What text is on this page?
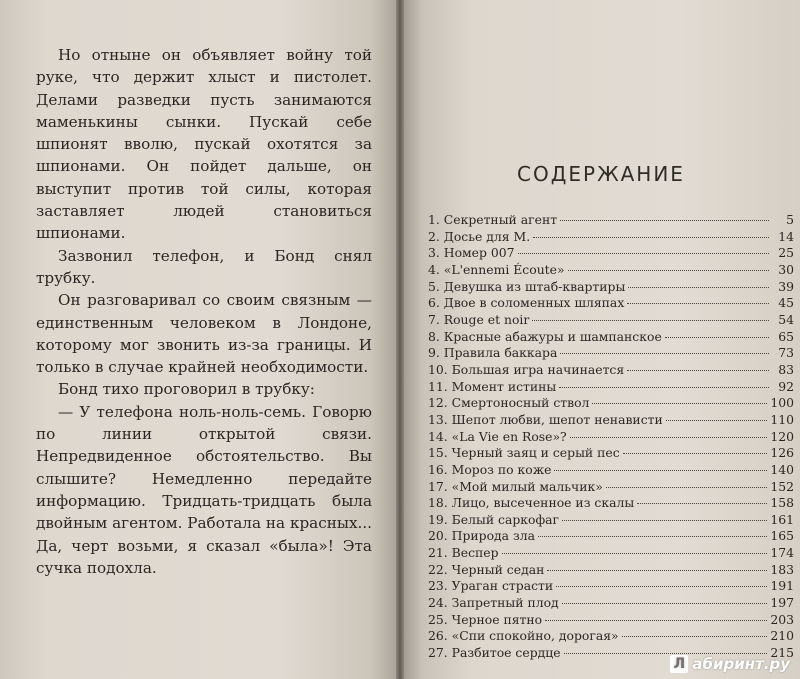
Но отныне он объявляет войну той руке, что держит хлыст и пистолет. Делами разведки пусть занимаются маменькины сынки. Пускай себе шпионят вволю, пускай охотятся за шпионами. Он пойдет дальше, он выступит против той силы, которая заставляет людей становиться шпионами.

Зазвонил телефон, и Бонд снял трубку.

Он разговаривал со своим связным — единственным человеком в Лондоне, которому мог звонить из-за границы. И только в случае крайней необходимости.

Бонд тихо проговорил в трубку:

— У телефона ноль-ноль-семь. Говорю по линии открытой связи. Непредвиденное обстоятельство. Вы слышите? Немедленно передайте информацию. Тридцать-тридцать была двойным агентом. Работала на красных... Да, черт возьми, я сказал «была»! Эта сучка подохла.

СОДЕРЖАНИЕ
1. Секретный агент	5
2. Досье для М.	14
3. Номер 007	25
4. «L'ennemi Écoute»	30
5. Девушка из штаб-квартиры	39
6. Двое в соломенных шляпах	45
7. Rouge et noir	54
8. Красные абажуры и шампанское	65
9. Правила баккара	73
10. Большая игра начинается	83
11. Момент истины	92
12. Смертоносный ствол	100
13. Шепот любви, шепот ненависти	110
14. «La Vie en Rose»?	120
15. Черный заяц и серый пес	126
16. Мороз по коже	140
17. «Мой милый мальчик»	152
18. Лицо, высеченное из скалы	158
19. Белый саркофаг	161
20. Природа зла	165
21. Веспер	174
22. Черный седан	183
23. Ураган страсти	191
24. Запретный плод	197
25. Черное пятно	203
26. «Спи спокойно, дорогая»	210
27. Разбитое сердце	215
Л абиринт.ру
